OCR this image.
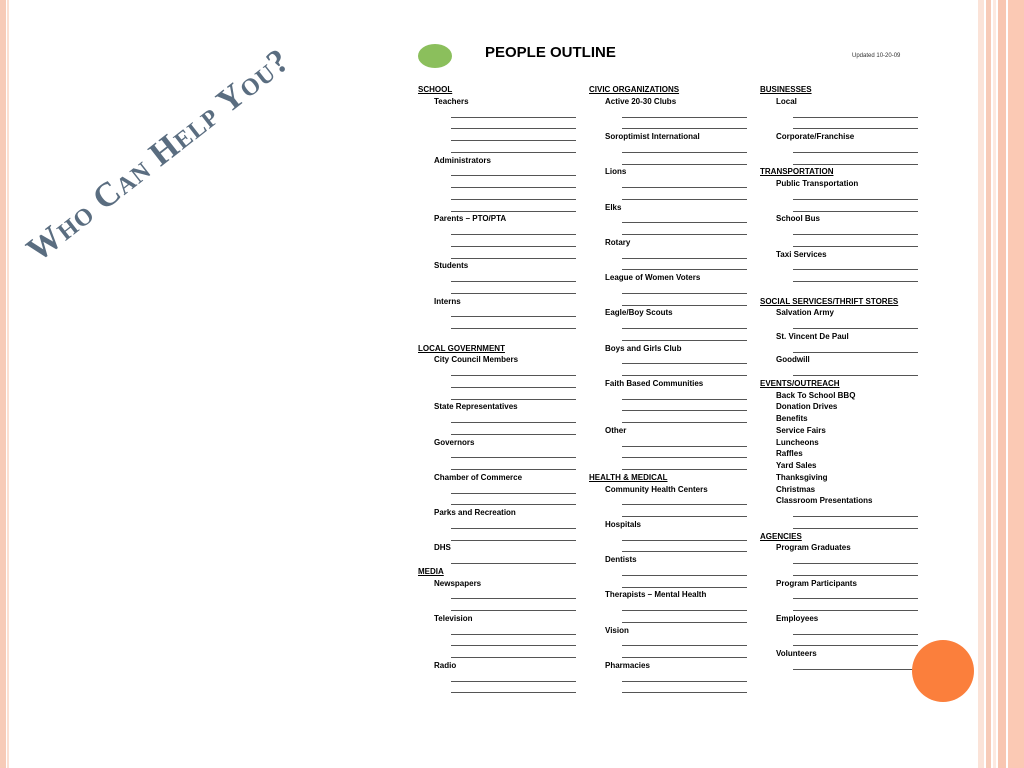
Who Can Help You?	PEOPLE OUTLINE	Updated 10-20-09
SCHOOL
Teachers
Administrators
Parents – PTO/PTA
Students
Interns
LOCAL GOVERNMENT
City Council Members
State Representatives
Governors
Chamber of Commerce
Parks and Recreation
DHS
MEDIA
Newspapers
Television
Radio
CIVIC ORGANIZATIONS
Active 20-30 Clubs
Soroptimist International
Lions
Elks
Rotary
League of Women Voters
Eagle/Boy Scouts
Boys and Girls Club
Faith Based Communities
Other
HEALTH & MEDICAL
Community Health Centers
Hospitals
Dentists
Therapists – Mental Health
Vision
Pharmacies
BUSINESSES
Local
Corporate/Franchise
TRANSPORTATION
Public Transportation
School Bus
Taxi Services
SOCIAL SERVICES/THRIFT STORES
Salvation Army
St. Vincent De Paul
Goodwill
EVENTS/OUTREACH
Back To School BBQ
Donation Drives
Benefits
Service Fairs
Luncheons
Raffles
Yard Sales
Thanksgiving
Christmas
Classroom Presentations
AGENCIES
Program Graduates
Program Participants
Employees
Volunteers
